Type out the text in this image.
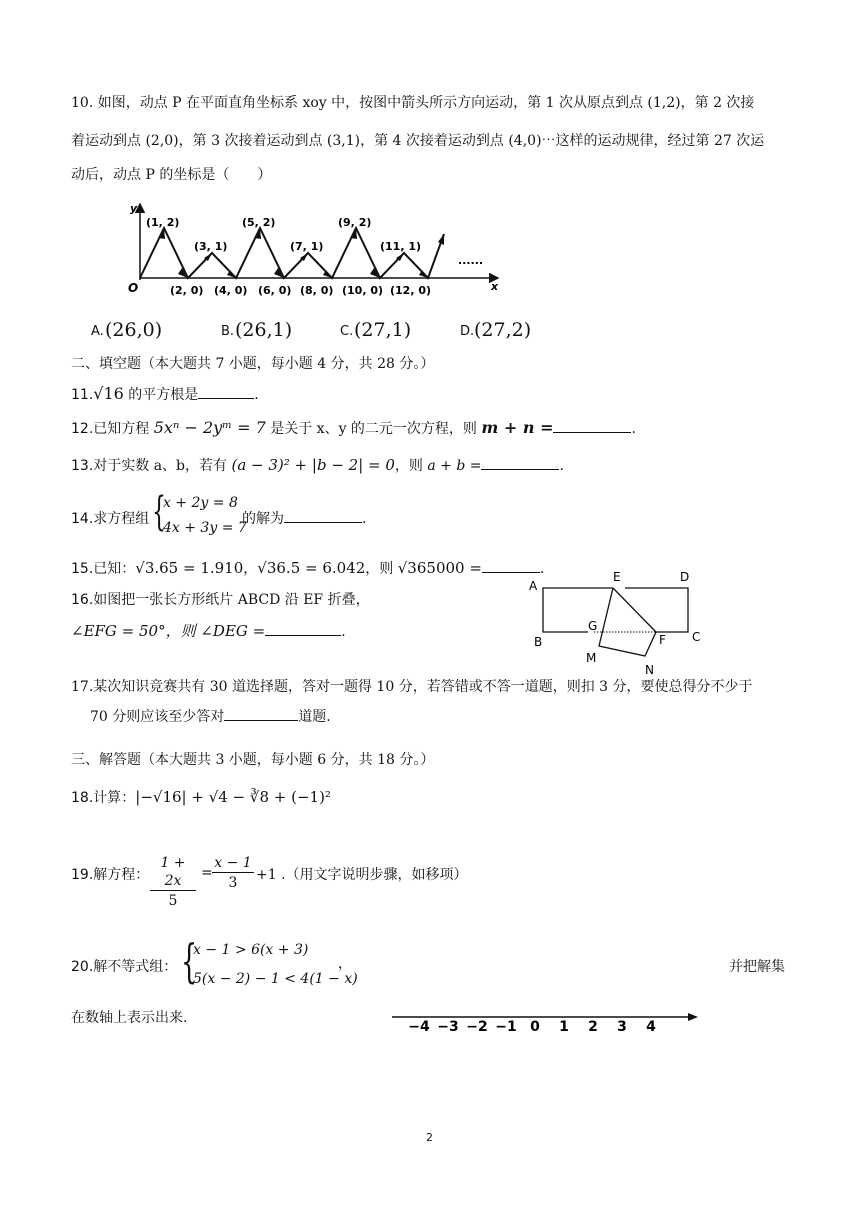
10. 如图，动点 P 在平面直角坐标系 xoy 中，按图中箭头所示方向运动，第 1 次从原点到点 (1,2)，第 2 次接
着运动到点 (2,0)，第 3 次接着运动到点 (3,1)，第 4 次接着运动到点 (4,0)⋯这样的运动规律，经过第 27 次运
动后，动点 P 的坐标是（　　）
y
x
O
(1, 2)
(3, 1)
(5, 2)
(7, 1)
(9, 2)
(11, 1)
......
(2, 0) (4, 0) (6, 0) (8, 0) (10, 0) (12, 0)
A. (26,0)	B. (26,1)	C. (27,1)	D. (27,2)
二、填空题（本大题共 7 小题，每小题 4 分，共 28 分。）
11.√16 的平方根是	.
12.已知方程 5xⁿ − 2yᵐ = 7 是关于 x、y 的二元一次方程，则 m + n =	.
13.对于实数 a、b，若有 (a − 3)² + |b − 2| = 0，则 a + b =	.
14.求方程组 {
x + 2y = 8
4x + 3y = 7
的解为	.
15.已知：√3.65 = 1.910，√36.5 = 6.042，则 √365000 =	.
16.如图把一张长方形纸片 ABCD 沿 EF 折叠，
∠EFG = 50°，则 ∠DEG =	.
A
D
E
B	C
G
F
M
N
17.某次知识竞赛共有 30 道选择题，答对一题得 10 分，若答错或不答一道题，则扣 3 分，要使总得分不少于
70 分则应该至少答对	道题.
三、解答题（本大题共 3 小题，每小题 6 分，共 18 分。）
18.计算：|−√16| + √4 − ∛8 + (−1)²
19.解方程：
1 + 2x
5
=
x − 1
3	+1 .（用文字说明步骤，如移项）
20.解不等式组： {
x − 1 > 6(x + 3)
5(x − 2) − 1 < 4(1 − x)
，	并把解集
在数轴上表示出来.
−4 −3 −2 −1 0 1 2 3 4
2
